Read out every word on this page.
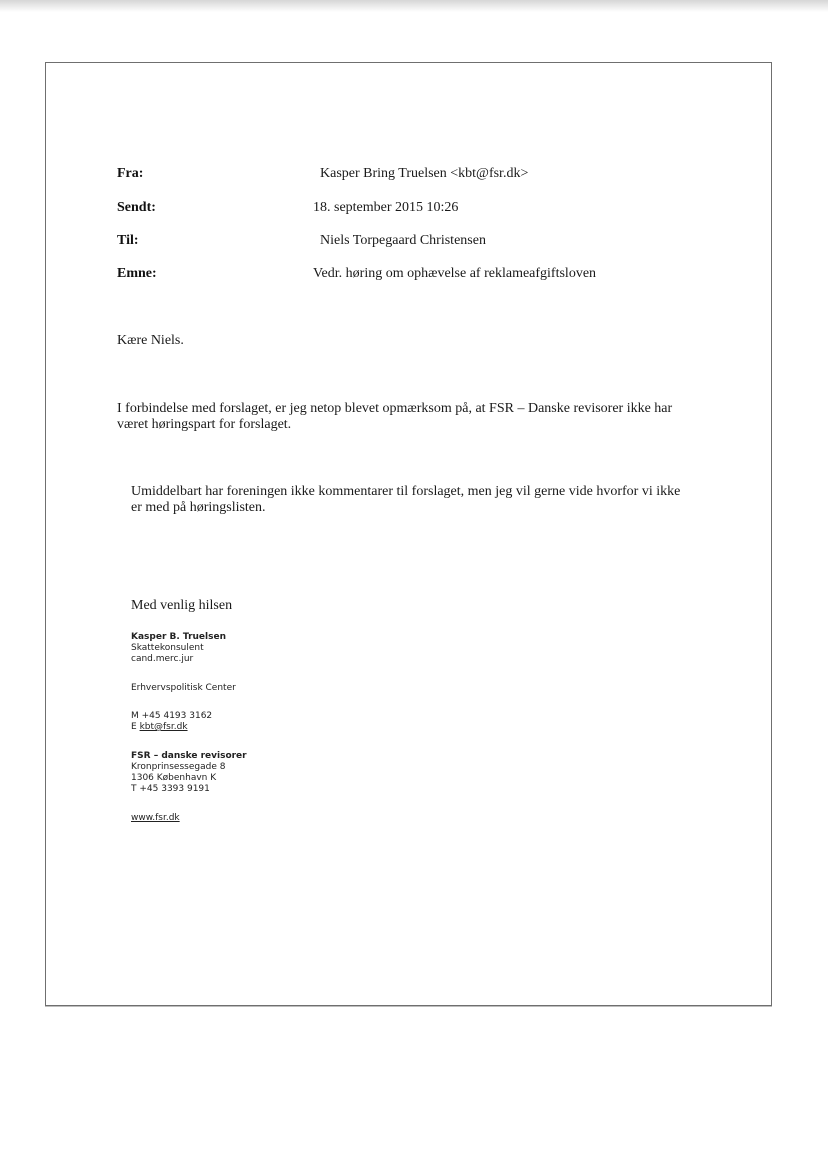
Fra:	Kasper Bring Truelsen <kbt@fsr.dk>
Sendt:	18. september 2015 10:26
Til:	Niels Torpegaard Christensen
Emne:	Vedr. høring om ophævelse af reklameafgiftsloven
Kære Niels.
I forbindelse med forslaget, er jeg netop blevet opmærksom på, at FSR – Danske revisorer ikke har været høringspart for forslaget.
Umiddelbart har foreningen ikke kommentarer til forslaget, men jeg vil gerne vide hvorfor vi ikke er med på høringslisten.
Med venlig hilsen
Kasper B. Truelsen
Skattekonsulent
cand.merc.jur
Erhvervspolitisk Center
M +45 4193 3162
E kbt@fsr.dk
FSR – danske revisorer
Kronprinsessegade 8
1306 København K
T +45 3393 9191
www.fsr.dk
